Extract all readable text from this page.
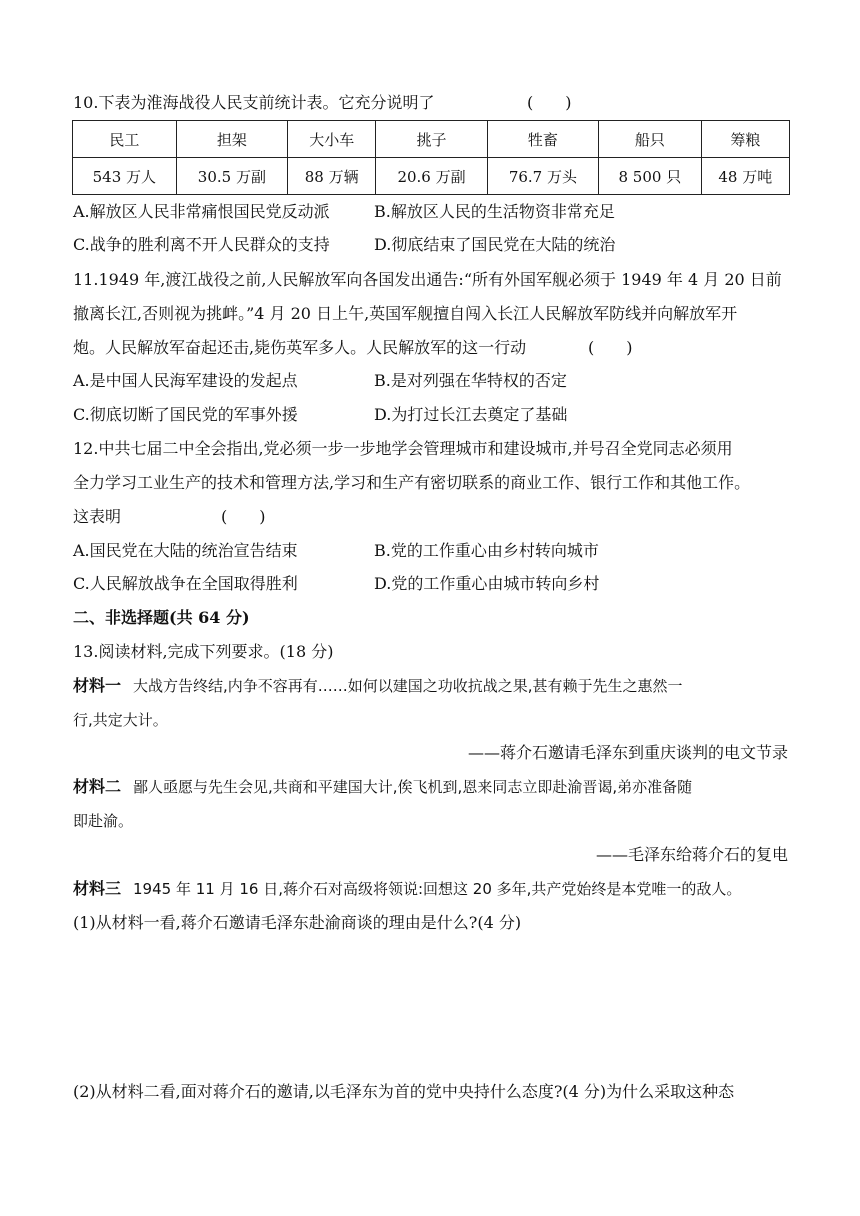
10.下表为淮海战役人民支前统计表。它充分说明了	(　　)
民工	担架	大小车	挑子	牲畜	船只	筹粮
543 万人	30.5 万副	88 万辆	20.6 万副	76.7 万头	8 500 只	48 万吨
A.解放区人民非常痛恨国民党反动派	B.解放区人民的生活物资非常充足
C.战争的胜利离不开人民群众的支持	D.彻底结束了国民党在大陆的统治
11.1949 年,渡江战役之前,人民解放军向各国发出通告:“所有外国军舰必须于 1949 年 4 月 20 日前
撤离长江,否则视为挑衅。”4 月 20 日上午,英国军舰擅自闯入长江人民解放军防线并向解放军开
炮。人民解放军奋起还击,毙伤英军多人。人民解放军的这一行动	(　　)
A.是中国人民海军建设的发起点	B.是对列强在华特权的否定
C.彻底切断了国民党的军事外援	D.为打过长江去奠定了基础
12.中共七届二中全会指出,党必须一步一步地学会管理城市和建设城市,并号召全党同志必须用
全力学习工业生产的技术和管理方法,学习和生产有密切联系的商业工作、银行工作和其他工作。
这表明	(　　)
A.国民党在大陆的统治宣告结束	B.党的工作重心由乡村转向城市
C.人民解放战争在全国取得胜利	D.党的工作重心由城市转向乡村
二、非选择题(共 64 分)
13.阅读材料,完成下列要求。(18 分)
材料一 大战方告终结,内争不容再有……如何以建国之功收抗战之果,甚有赖于先生之惠然一
行,共定大计。
——蒋介石邀请毛泽东到重庆谈判的电文节录
材料二 鄙人亟愿与先生会见,共商和平建国大计,俟飞机到,恩来同志立即赴渝晋谒,弟亦准备随
即赴渝。
——毛泽东给蒋介石的复电
材料三 1945 年 11 月 16 日,蒋介石对高级将领说:回想这 20 多年,共产党始终是本党唯一的敌人。
(1)从材料一看,蒋介石邀请毛泽东赴渝商谈的理由是什么?(4 分)
(2)从材料二看,面对蒋介石的邀请,以毛泽东为首的党中央持什么态度?(4 分)为什么采取这种态
